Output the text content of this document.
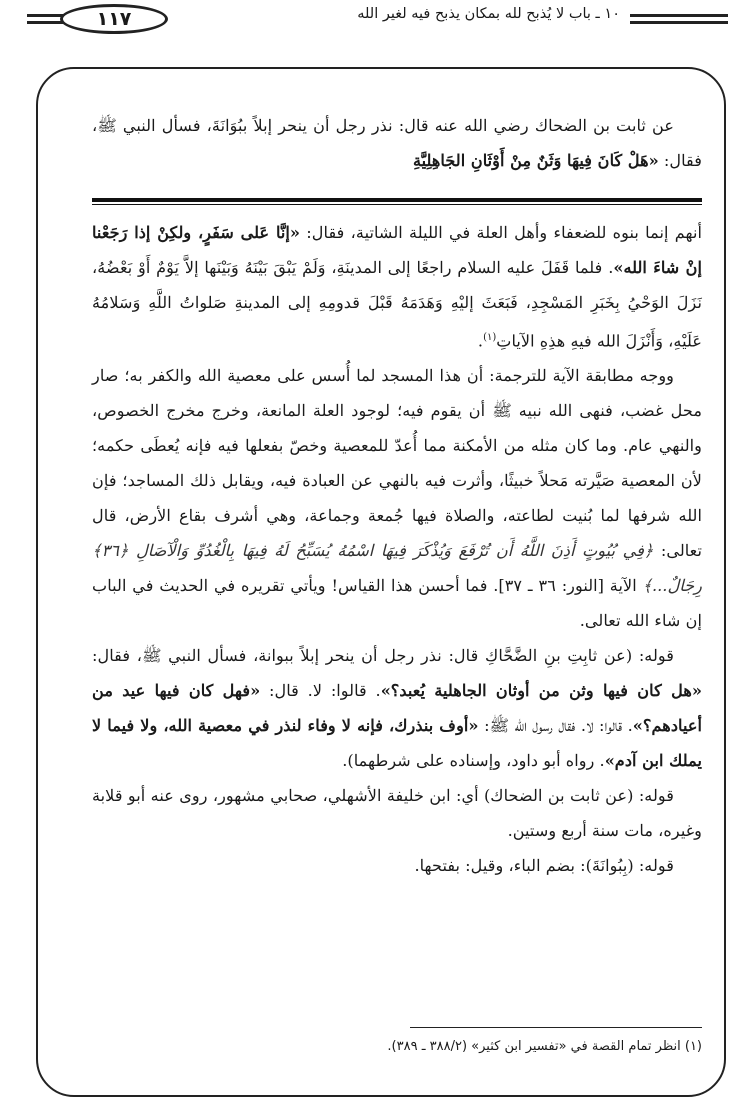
١١٧	١٠ ـ باب لا يُذبح لله بمكان يذبح فيه لغير الله

عن ثابت بن الضحاك رضي الله عنه قال: نذر رجل أن ينحر إبلاً ببُوَانَةَ، فسأل النبي ﷺ، فقال: «هَلْ كَانَ فِيهَا وَثَنٌ مِنْ أَوْثَانِ الجَاهِلِيَّةِ

أنهم إنما بنوه للضعفاء وأهل العلة في الليلة الشاتية، فقال: «إنَّا عَلى سَفَرٍ، ولكِنْ إذا رَجَعْنا إنْ شاءَ الله». فلما قَفَلَ عليه السلام راجعًا إلى المدينَةِ، وَلَمْ يَبْقَ بَيْنَهُ وَبَيْنَها إلاَّ يَوْمٌ أَوْ بَعْضُهُ، نَزَلَ الوَحْيُ بِخَبَرِ المَسْجِدِ، فَبَعَثَ إليْهِ وَهَدَمَهُ قَبْلَ قدومِهِ إلى المدينةِ صَلواتُ اللَّهِ وَسَلامُهُ عَلَيْهِ، وَأَنْزَلَ الله فيهِ هذِهِ الآياتِ$^{(١)}$.

ووجه مطابقة الآية للترجمة: أن هذا المسجد لما أُسس على معصية الله والكفر به؛ صار محل غضب، فنهى الله نبيه ﷺ أن يقوم فيه؛ لوجود العلة المانعة، وخرج مخرج الخصوص، والنهي عام. وما كان مثله من الأمكنة مما أُعدّ للمعصية وخصّ بفعلها فيه فإنه يُعطَى حكمه؛ لأن المعصية صَيَّرته مَحلاً خبيثًا، وأثرت فيه بالنهي عن العبادة فيه، ويقابل ذلك المساجد؛ فإن الله شرفها لما بُنيت لطاعته، والصلاة فيها جُمعة وجماعة، وهي أشرف بقاع الأرض، قال تعالى: ﴿فِي بُيُوتٍ أَذِنَ اللَّهُ أَن تُرْفَعَ وَيُذْكَرَ فِيهَا اسْمُهُ يُسَبِّحُ لَهُ فِيهَا بِالْغُدُوِّ وَالْآصَالِ ﴿٣٦﴾ رِجَالٌ...﴾ الآية [النور: ٣٦ ـ ٣٧]. فما أحسن هذا القياس! ويأتي تقريره في الحديث في الباب إن شاء الله تعالى.

قوله: (عن ثابِتِ بنِ الضَّحَّاكِ قال: نذر رجل أن ينحر إبلاً ببوانة، فسأل النبي ﷺ، فقال: «هل كان فيها وثن من أوثان الجاهلية يُعبد؟». قالوا: لا. قال: «فهل كان فيها عيد من أعيادهم؟». قالوا: لا. فقال رسول الله ﷺ: «أوف بنذرك، فإنه لا وفاء لنذر في معصية الله، ولا فيما لا يملك ابن آدم». رواه أبو داود، وإسناده على شرطهما).

قوله: (عن ثابت بن الضحاك) أي: ابن خليفة الأشهلي، صحابي مشهور، روى عنه أبو قلابة وغيره، مات سنة أربع وستين.

قوله: (بِبُوانَةَ): بضم الباء، وقيل: بفتحها.

(١) انظر تمام القصة في «تفسير ابن كثير» (٣٨٨/٢ ـ ٣٨٩).
